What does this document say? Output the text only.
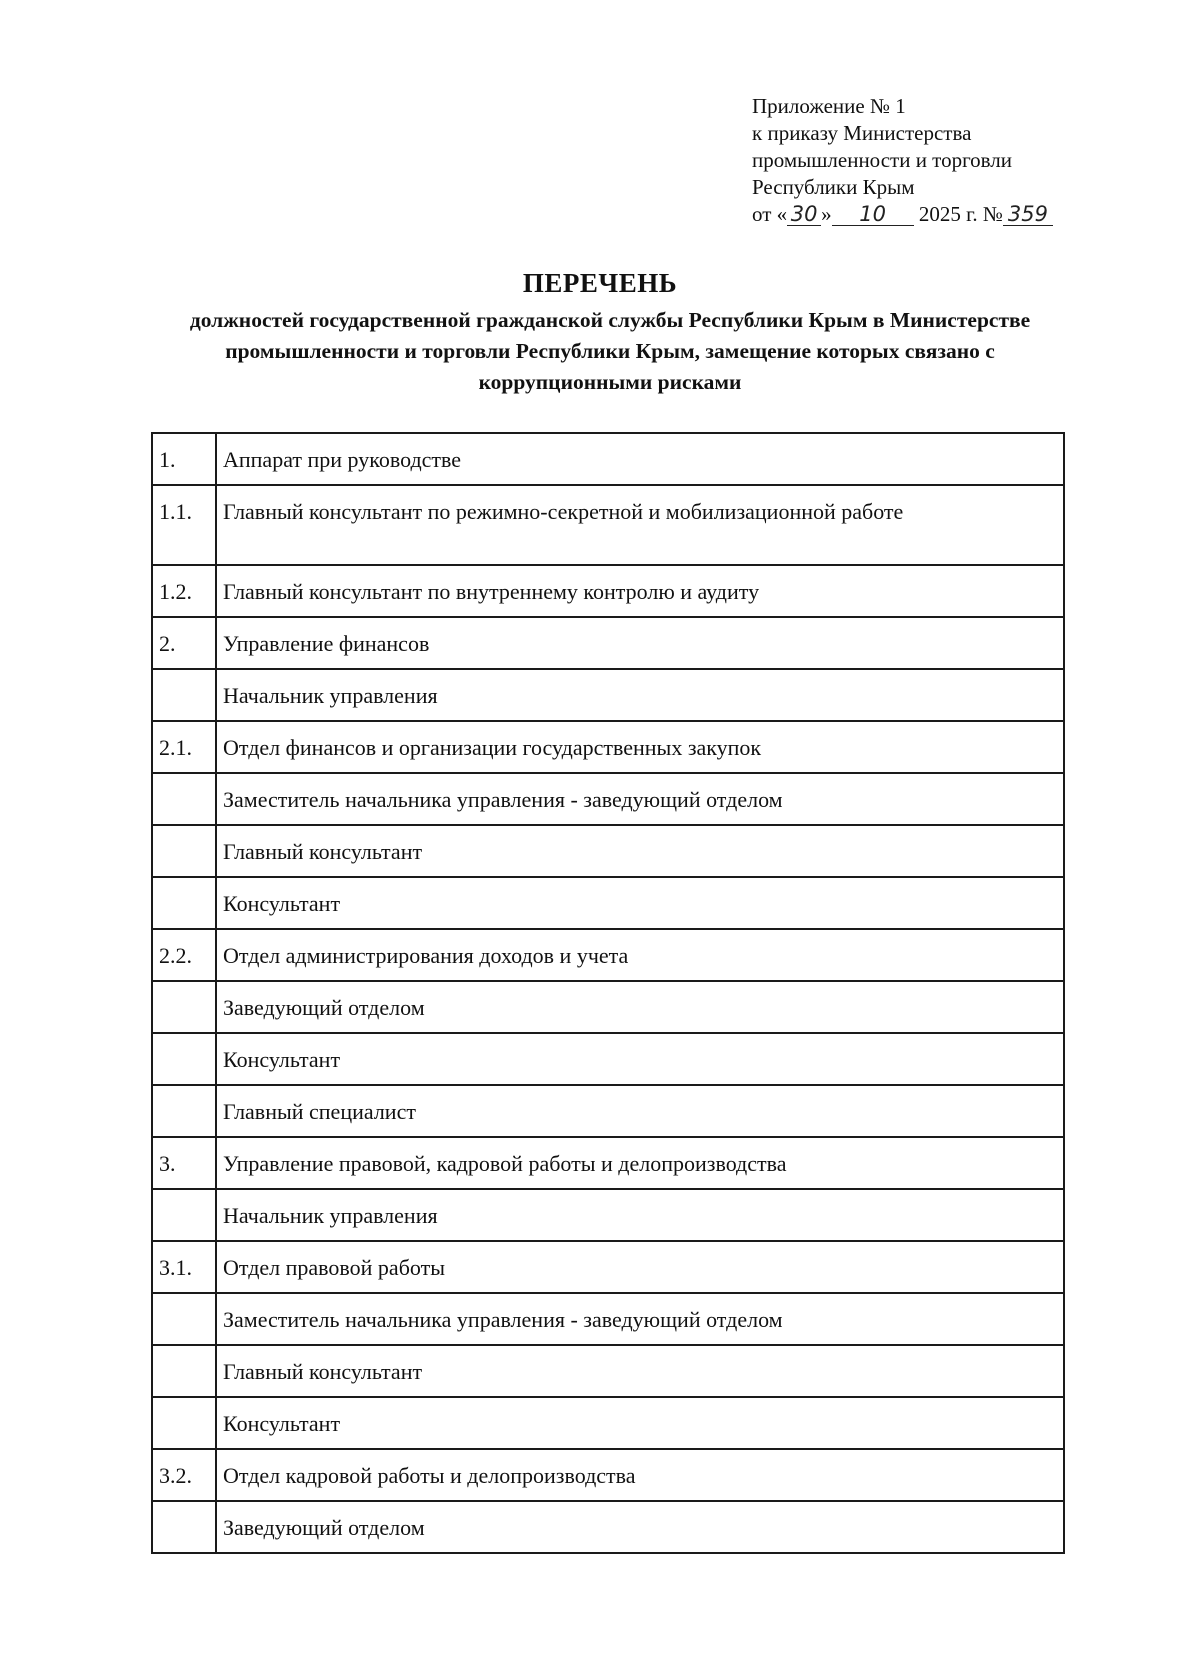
Приложение № 1
к приказу Министерства
промышленности и торговли
Республики Крым
от « 30 » 10 2025 г. № 359
ПЕРЕЧЕНЬ
должностей государственной гражданской службы Республики Крым в Министерстве промышленности и торговли Республики Крым, замещение которых связано с коррупционными рисками
1.	Аппарат при руководстве
1.1.	Главный консультант по режимно-секретной и мобилизационной работе
1.2.	Главный консультант по внутреннему контролю и аудиту
2.	Управление финансов
	Начальник управления
2.1.	Отдел финансов и организации государственных закупок
	Заместитель начальника управления - заведующий отделом
	Главный консультант
	Консультант
2.2.	Отдел администрирования доходов и учета
	Заведующий отделом
	Консультант
	Главный специалист
3.	Управление правовой, кадровой работы и делопроизводства
	Начальник управления
3.1.	Отдел правовой работы
	Заместитель начальника управления - заведующий отделом
	Главный консультант
	Консультант
3.2.	Отдел кадровой работы и делопроизводства
	Заведующий отделом
